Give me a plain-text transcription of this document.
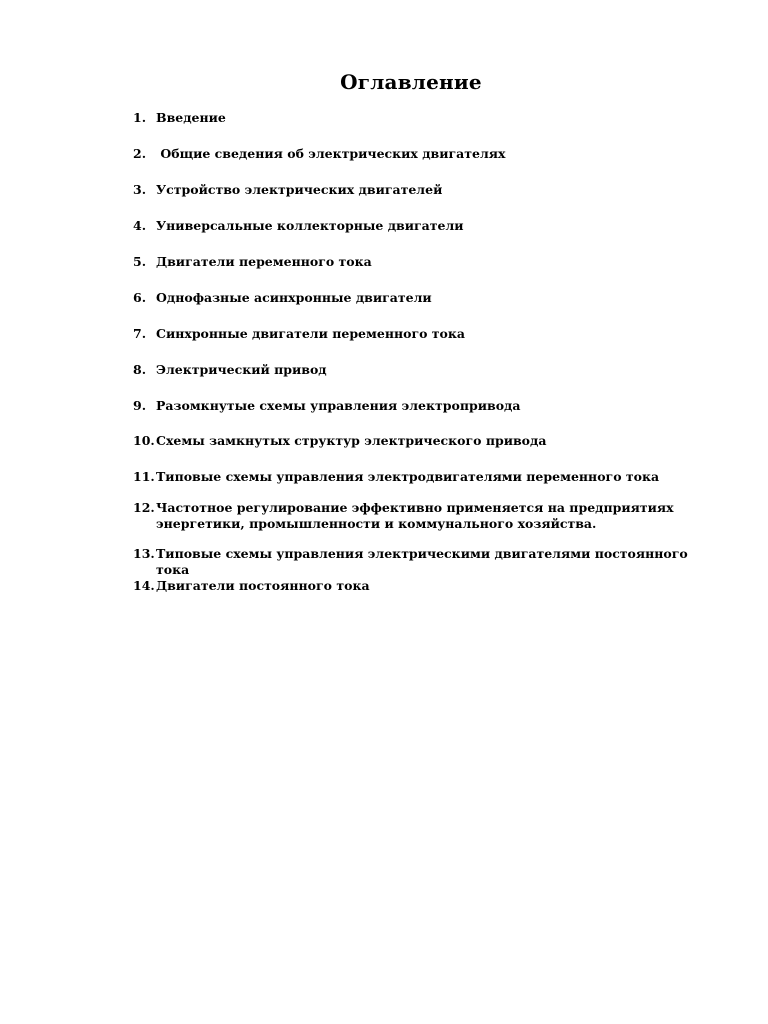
Оглавление
1. Введение
2. Общие сведения об электрических двигателях
3. Устройство электрических двигателей
4. Универсальные коллекторные двигатели
5. Двигатели переменного тока
6. Однофазные асинхронные двигатели
7. Синхронные двигатели переменного тока
8. Электрический привод
9. Разомкнутые схемы управления электропривода
10. Схемы замкнутых структур электрического привода
11. Типовые схемы управления электродвигателями переменного тока
12. Частотное регулирование эффективно применяется на предприятиях энергетики, промышленности и коммунального хозяйства.
13. Типовые схемы управления электрическими двигателями постоянного тока
14. Двигатели постоянного тока
